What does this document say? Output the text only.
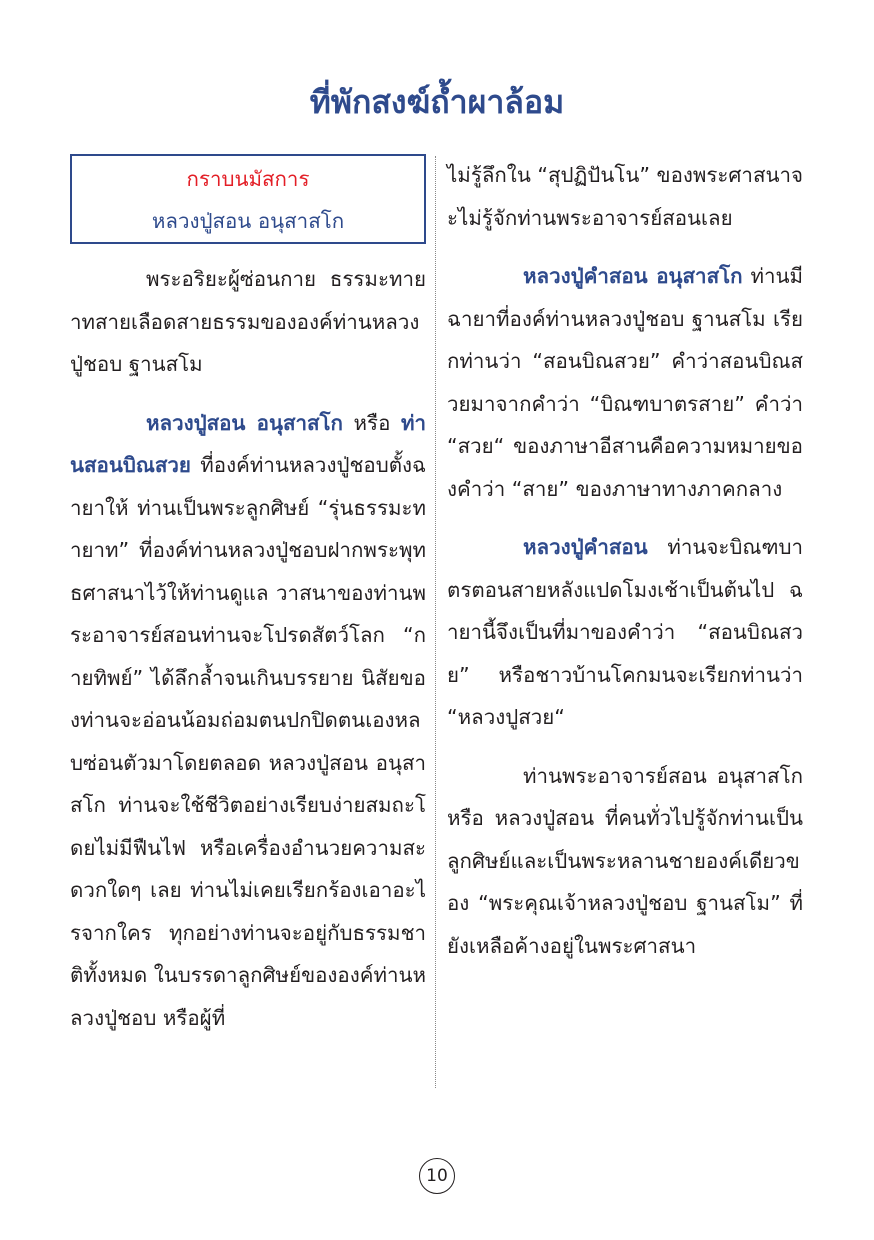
ที่พักสงฆ์ถ้ำผาล้อม
กราบนมัสการ
หลวงปู่สอน อนุสาสโก

พระอริยะผู้ซ่อนกาย ธรรมะทายาทสายเลือดสายธรรมขององค์ท่านหลวงปู่ชอบ ฐานสโม

หลวงปู่สอน อนุสาสโก หรือ ท่านสอนบิณสวย ที่องค์ท่านหลวงปู่ชอบตั้งฉายาให้ ท่านเป็นพระลูกศิษย์ “รุ่นธรรมะทายาท” ที่องค์ท่านหลวงปู่ชอบฝากพระพุทธศาสนาไว้ให้ท่านดูแล วาสนาของท่านพระอาจารย์สอนท่านจะโปรดสัตว์โลก “กายทิพย์” ได้ลึกล้ำจนเกินบรรยาย นิสัยของท่านจะอ่อนน้อมถ่อมตนปกปิดตนเองหลบซ่อนตัวมาโดยตลอด หลวงปู่สอน อนุสาสโก ท่านจะใช้ชีวิตอย่างเรียบง่ายสมถะโดยไม่มีฟืนไฟ หรือเครื่องอำนวยความสะดวกใดๆ เลย ท่านไม่เคยเรียกร้องเอาอะไรจากใคร ทุกอย่างท่านจะอยู่กับธรรมชาติทั้งหมด ในบรรดาลูกศิษย์ขององค์ท่านหลวงปู่ชอบ หรือผู้ที่

ไม่รู้ลึกใน “สุปฏิปันโน” ของพระศาสนาจะไม่รู้จักท่านพระอาจารย์สอนเลย

หลวงปู่คำสอน อนุสาสโก ท่านมีฉายาที่องค์ท่านหลวงปู่ชอบ ฐานสโม เรียกท่านว่า “สอนบิณสวย” คำว่าสอนบิณสวยมาจากคำว่า “บิณฑบาตรสาย” คำว่า “สวย“ ของภาษาอีสานคือความหมายของคำว่า “สาย” ของภาษาทางภาคกลาง

หลวงปู่คำสอน ท่านจะบิณฑบาตรตอนสายหลังแปดโมงเช้าเป็นต้นไป ฉายานี้จึงเป็นที่มาของคำว่า “สอนบิณสวย” หรือชาวบ้านโคกมนจะเรียกท่านว่า “หลวงปูสวย“

ท่านพระอาจารย์สอน อนุสาสโก หรือ หลวงปู่สอน ที่คนทั่วไปรู้จักท่านเป็นลูกศิษย์และเป็นพระหลานชายองค์เดียวของ “พระคุณเจ้าหลวงปู่ชอบ ฐานสโม” ที่ยังเหลือค้างอยู่ในพระศาสนา

10
